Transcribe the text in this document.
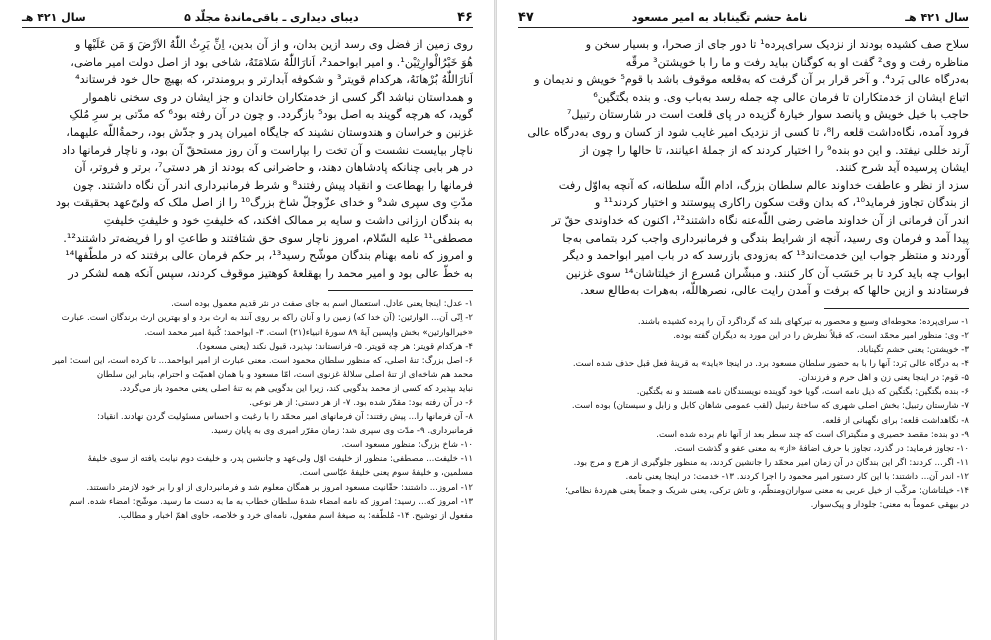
۴۶
دیبای دیداری ـ باقی‌ماندهٔ مجلّد ۵
سال ۴۲۱ هـ

روی زمین از فضل وی رسد ازین بدان، و از آن بدین، اِنِّ یَرِثُ اللّٰهُ الاَرْضَ وَ مَن عَلَیْها و

هُوَ خَیْرُالْوارِثِیْن¹. و امیر ابواحمد²، اَنارَاللّٰهُ سَلامَتَهُ، شاخی بود از اصل دولت امیر ماضی،

اَنارَاللّٰهُ بُرْهانَهُ، هرکدام قویتر³ و شکوفه آبدارتر و برومندتر، که بهیچ حال خود فرستاند⁴

و همداستان نباشد اگر کسی از خدمتکاران خاندان و جز ایشان در وی سخنی ناهموار

گوید، که هرچه گویند به اصل بود⁵ بازگردد. و چون در آن رفته بود⁶ که مدّتی بر سرِ مُلکِ

غزنین و خراسان و هندوستان نشیند که جایگاه امیران پدر و جدّش بود، رحمةُاللّه علیهما،

ناچار بیایست نشست و آن تخت را بپاراست و آن روز مستحقّ آن بود، و ناچار فرمانها داد

در هر بابی چنانکه پادشاهان دهند، و حاضرانی که بودند از هر دستی⁷، برتر و فروتر، آن

فرمانها را بهطاعت و انقیاد پیش رفتند⁸ و شرط فرمانبرداری اندر آن نگاه داشتند. چون

مدّتِ وی سپری شد⁹ و خدای عزّوجلّ شاخ بزرگ¹⁰ را از اصل ملک که ولیّ‌عهد بحقیقت بود

به بندگان ارزانی داشت و سایه بر ممالک افکند، که خلیفتِ خود و خلیفتِ خلیفتِ

مصطفی¹¹ علیه السّلام، امروز ناچار سوی حق شتافتند و طاعتِ او را فریضه‌تر داشتند¹².

و امروز که نامه بهنام بندگان موشّح رسید¹³، بر حکم فرمان عالی برفتند که در ملطّفها¹⁴

به خطّ عالی بود و امیر محمد را بهقلعهٔ کوهتیز موقوف کردند، سپس آنکه همه لشکر در

۱- عدل: اینجا یعنی عادل. استعمال اسم به جای صفت در نثر قدیم معمول بوده است.
۲- اِنّی اَن... الوارثین: (آن خدا که) زمین را و آنان راکه بر روی آنند به ارث برد و او بهترین ارث برندگان است. عبارت
«خیرالوارثین» بخش واپسین آیهٔ ۸۹ سورهٔ انبیاء(۲۱) است. ۳- ابواحمد: کُنیهٔ امیر محمد است.
۴- هرکدام قویتر: هر چه قویتر. ۵- فرانستاند: نپذیرد، قبول نکند (یعنی مسعود).
۶- اصل بزرگ: تنهٔ اصلی، که منظور سلطان محمود است. معنی عبارت از امیر ابواحمد... تا کرده است، این است: امیر
محمد هم شاخه‌ای از تنهٔ اصلی سلالهٔ غزنوی است، امّا مسعود و با همان اهمیّت و احترام، بنابر این سلطان
نباید بپذیرد که کسی از محمد بدگویی کند، زیرا این بدگویی هم به تنهٔ اصلی یعنی محمود باز می‌گردد.
۶- در آن رفته بود: مقدّر شده بود. ۷- از هر دستی: از هر نوعی.
۸- آن فرمانها را... پیش رفتند: آن فرمانهای امیر محمّد را با رغبت و احساس مسئولیت گردن نهادند. انقیاد:
فرمانبرداری. ۹- مدّت وی سپری شد: زمان مقرّر امیری وی به پایان رسید.
۱۰- شاخ بزرگ: منظور مسعود است.
۱۱- خلیفت... مصطفی: منظور از خلیفت اوّل ولی‌عهد و جانشین پدر، و خلیفت دوم نیابت یافته از سوی خلیفهٔ
مسلمین، و خلیفهٔ سوم یعنی خلیفهٔ عبّاسی است.
۱۲- امروز... داشتند: حقّانیت مسعود امروز بر همگان معلوم شد و فرمانبرداری از او را بر خود لازمتر دانستند.
۱۳- امروز که... رسید: امروز که نامه امضاء شدهٔ سلطان خطاب به ما به دست ما رسید. موشّح: امضاء شده. اسم
مفعول از توشیح. ۱۴- مُلطّفه: به صیغهٔ اسم مفعول، نامه‌ای خرد و خلاصه، حاوی اهمّ اخبار و مطالب.
سال ۴۲۱ هـ
نامهٔ حشم تگیناباد به امیر مسعود
۴۷

سلاح صف کشیده بودند از نزدیک سرای‌پرده¹ تا دور جای از صحرا، و بسیار سخن و

مناظره رفت و وی² گفت او به کوگنان بباید رفت و ما را با خویشتن³ مرقّه

به‌درگاه عالی بَرد⁴. و آخر قرار بر آن گرفت که به‌قلعه موقوف باشد با قوم⁵ خویش و ندیمان و

اتباع ایشان از خدمتکاران تا فرمان عالی چه جمله رسد به‌باب وی. و بنده بگتگین⁶

حاجب با خیل خویش و پانصد سوار خیارهٔ گزیده در پای قلعت است در شارستان رتبیل⁷

فرود آمده، نگاه‌داشت قلعه را⁸، تا کسی از نزدیک امیر غایب شود از کسان و روی به‌درگاه عالی

آرند خللی نیفتد. و این دو بنده⁹ را اختیار کردند که از جملهٔ اعیانند، تا حالها را چون از

ایشان پرسیده آید شرح کنند.

سزد از نظر و عاطفت خداوند عالم سلطان بزرگ، ادام اللّه سلطانه، که آنچه به‌اوّل رفت

از بندگان تجاوز فرماید¹⁰، که بدان وقت سکون راکاری پیوستند و اختیار کردند¹¹ و

اندر آن فرمانی از آن خداوند ماضی رضی اللّه‌عنه نگاه داشتند¹²، اکنون که خداوندی حقّ تر

پیدا آمد و فرمان وی رسید، آنچه از شرایط بندگی و فرمانبرداری واجب کرد بتمامی به‌جا

آوردند و منتظر جواب این خدمت‌اند¹³ که به‌زودی بازرسد که در باب امیر ابواحمد و دیگر

ابواب چه باید کرد تا بر حَسَب آن کار کنند. و مبشّران مُسرع از خیلتاشان¹⁴ سوی غزنین

فرستادند و ازین حالها که برفت و آمدن رایت عالی، نصرهاللّه، به‌هرات به‌طالع سعد.

۱- سرای‌پرده: محوطه‌ای وسیع و محصور به تیرکهای بلند که گرداگرد آن را پرده کشیده باشند.
۲- وی: منظور امیر محمّد است، که قبلاً نظرش را در این مورد به دیگران گفته بوده.
۳- خویشتن: یعنی حشم تگیناباد.
۴- به درگاه عالی بَرد: آنها را با به حضور سلطان مسعود برد. در اینجا «باید» به قرینهٔ فعل قبل حذف شده است.
۵- قوم: در اینجا یعنی زن و اهل حرم و فرزندان.
۶- بنده بگتگین: بگتگین که ذیل نامه است، گویا خود گوینده نویسندگان نامه هستند و نه بگتگین.
۷- شارستان رتبیل: بخش اصلی شهری که ساختهٔ رتبیل (لقب عمومی شاهان کابل و زابل و سیستان) بوده است.
۸- نگاهداشت قلعه: برای نگهبانی از قلعه.
۹- دو بنده: مقصد حصیری و منگیتراک است که چند سطر بعد از آنها نام برده شده است.
۱۰- تجاوز فرماید: در گذرد، تجاوز با حرف اضافهٔ «از» به معنی عفو و گذشت است.
۱۱- اگر... کردند: اگر این بندگان در آن زمان امیر محمّد را جانشین کردند، به منظور جلوگیری از هرج و مرج بود.
۱۲- اندر آن... داشتند: با این کار دستور امیر محمود را اجرا کردند. ۱۳- خدمت: در اینجا یعنی نامه.
۱۴- خیلتاشان: مرکّب از خیل عربی به معنی سواران‌ومنظّم، و تاش ترکی، یعنی شریک و جمعاً یعنی هم‌ردهٔ نظامی؛
در بیهقی عموماً به معنی: جلودار و پیک‌سوار.
